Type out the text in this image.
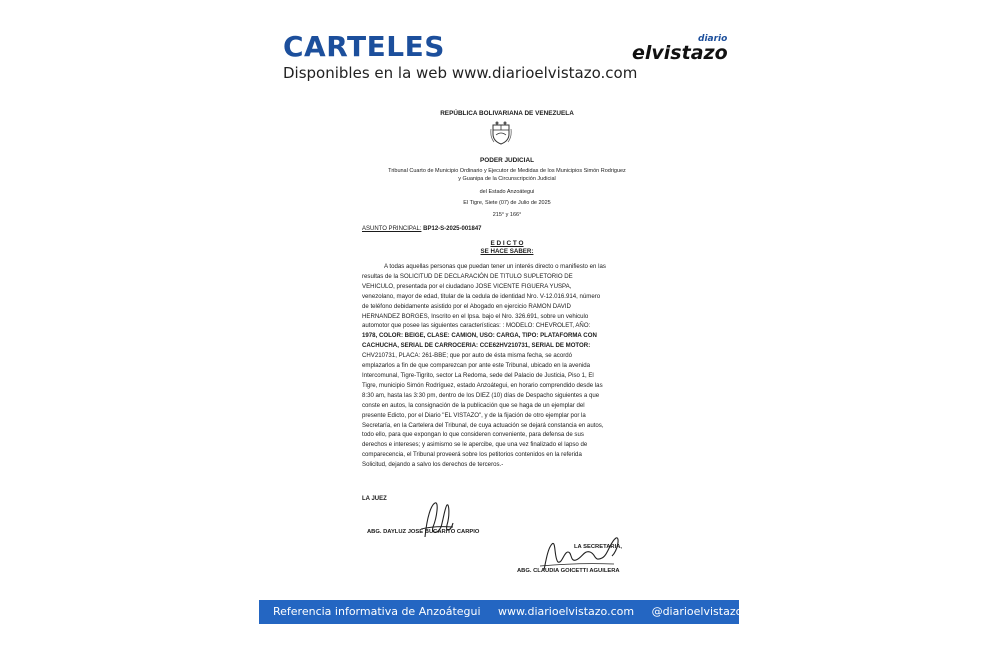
CARTELES
Disponibles en la web www.diarioelvistazo.com
elvistazo
diario
REPÚBLICA BOLIVARIANA DE VENEZUELA
PODER JUDICIAL
Tribunal Cuarto de Municipio Ordinario y Ejecutor de Medidas de los Municipios Simón Rodriguez
y Guanipa de la Circunscripción Judicial
del Estado Anzoátegui
El Tigre, Siete (07) de Julio de 2025
215° y 166°
ASUNTO PRINCIPAL: BP12-S-2025-001847
E D I C T O
SE HACE SABER:
A todas aquellas personas que puedan tener un interés directo o manifiesto en las
resultas de la SOLICITUD DE DECLARACIÓN DE TITULO SUPLETORIO DE
VEHICULO, presentada por el ciudadano JOSE VICENTE FIGUERA YUSPA,
venezolano, mayor de edad, titular de la cedula de identidad Nro. V-12.016.914, número
de teléfono debidamente asistido por el Abogado en ejercicio RAMON DAVID
HERNANDEZ BORGES, Inscrito en el Ipsa. bajo el Nro. 326.691, sobre un vehiculo
automotor que posee las siguientes características: : MODELO: CHEVROLET, AÑO:
1978, COLOR: BEIGE, CLASE: CAMION, USO: CARGA, TIPO: PLATAFORMA CON
CACHUCHA, SERIAL DE CARROCERIA: CCE62HV210731, SERIAL DE MOTOR:
CHV210731, PLACA: 261-BBE; que por auto de ésta misma fecha, se acordó
emplazarlos a fin de que comparezcan por ante este Tribunal, ubicado en la avenida
Intercomunal, Tigre-Tigrito, sector La Redoma, sede del Palacio de Justicia, Piso 1, El
Tigre, municipio Simón Rodríguez, estado Anzoátegui, en horario comprendido desde las
8:30 am, hasta las 3:30 pm, dentro de los DIEZ (10) días de Despacho siguientes a que
conste en autos, la consignación de la publicación que se haga de un ejemplar del
presente Edicto, por el Diario "EL VISTAZO", y de la fijación de otro ejemplar por la
Secretaría, en la Cartelera del Tribunal, de cuya actuación se dejará constancia en autos,
todo ello, para que expongan lo que consideren conveniente, para defensa de sus
derechos e intereses; y asimismo se le apercibe, que una vez finalizado el lapso de
comparecencia, el Tribunal proveerá sobre los petitorios contenidos en la referida
Solicitud, dejando a salvo los derechos de terceros.-
LA JUEZ
ABG. DAYLUZ JOSE BUCARITO CARPIO
LA SECRETARIA,
ABG. CLAUDIA GOICETTI AGUILERA
Referencia informativa de Anzoátegui www.diarioelvistazo.com @diarioelvistazo
